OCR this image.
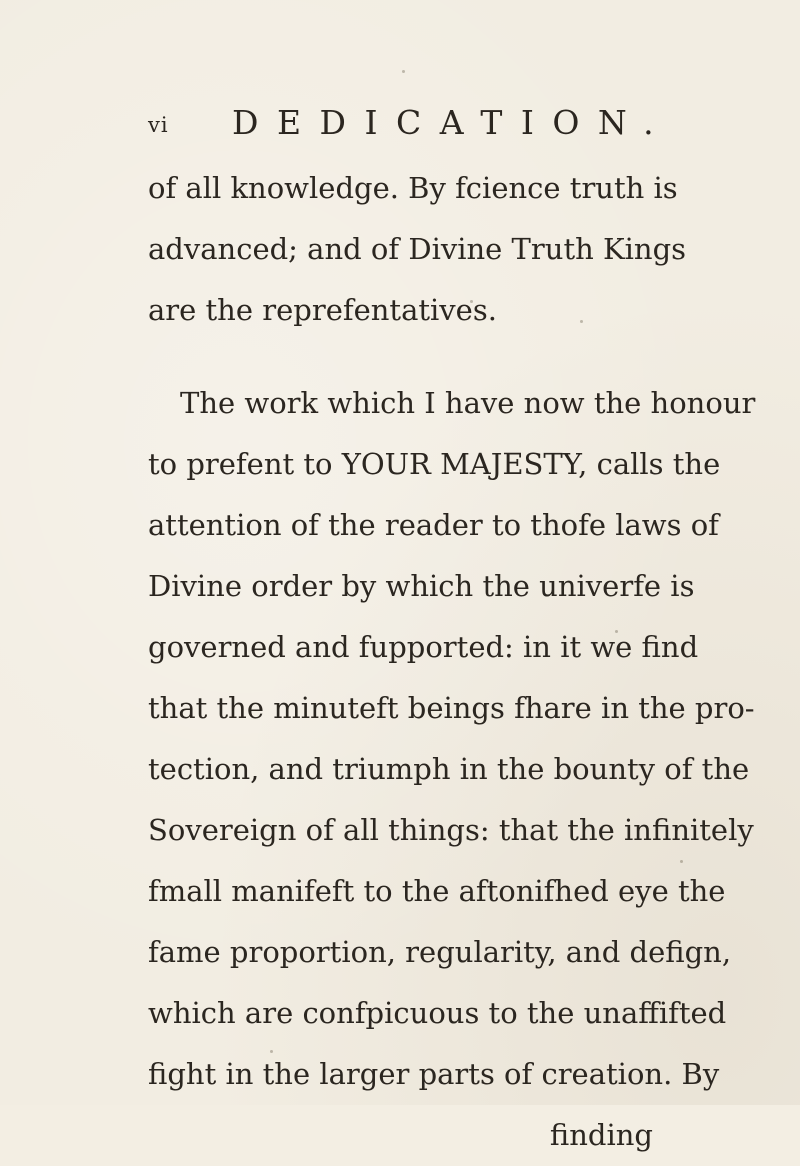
vi DEDICATION.
of all knowledge. By fcience truth is
advanced; and of Divine Truth Kings
are the reprefentatives.
The work which I have now the honour
to prefent to YOUR MAJESTY, calls the
attention of the reader to thofe laws of
Divine order by which the univerfe is
governed and fupported: in it we find
that the minuteft beings fhare in the pro-
tection, and triumph in the bounty of the
Sovereign of all things: that the infinitely
fmall manifeft to the aftonifhed eye the
fame proportion, regularity, and defign,
which are confpicuous to the unaffifted
fight in the larger parts of creation. By
finding
